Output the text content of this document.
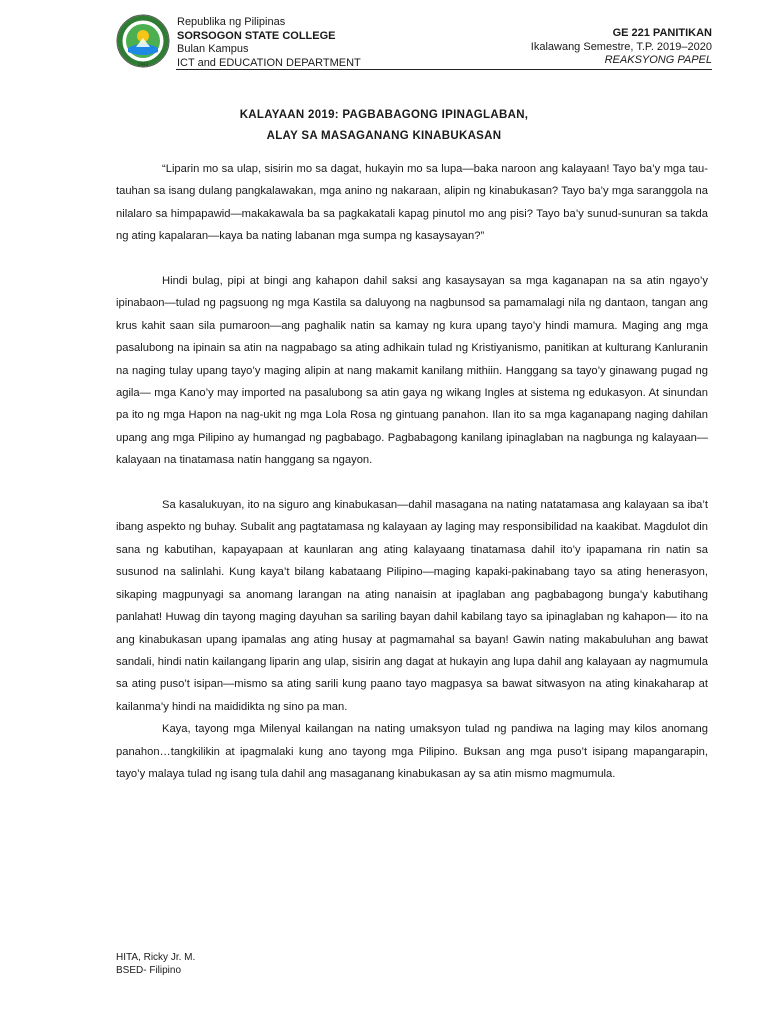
1993
Republika ng Pilipinas
SORSOGON STATE COLLEGE
Bulan Kampus
ICT and EDUCATION DEPARTMENT
GE 221 PANITIKAN
Ikalawang Semestre, T.P. 2019–2020
REAKSYONG PAPEL
KALAYAAN 2019: PAGBABAGONG IPINAGLABAN,
ALAY SA MASAGANANG KINABUKASAN

“Liparin mo sa ulap, sisirin mo sa dagat, hukayin mo sa lupa—baka naroon ang kalayaan! Tayo ba’y mga tau-tauhan sa isang dulang pangkalawakan, mga anino ng nakaraan, alipin ng kinabukasan? Tayo ba’y mga saranggola na nilalaro sa himpapawid—makakawala ba sa pagkakatali kapag pinutol mo ang pisi? Tayo ba’y sunud-sunuran sa takda ng ating kapalaran—kaya ba nating labanan mga sumpa ng kasaysayan?”

Hindi bulag, pipi at bingi ang kahapon dahil saksi ang kasaysayan sa mga kaganapan na sa atin ngayo’y ipinabaon—tulad ng pagsuong ng mga Kastila sa daluyong na nagbunsod sa pamamalagi nila ng dantaon, tangan ang krus kahit saan sila pumaroon—ang paghalik natin sa kamay ng kura upang tayo’y hindi mamura. Maging ang mga pasalubong na ipinain sa atin na nagpabago sa ating adhikain tulad ng Kristiyanismo, panitikan at kulturang Kanluranin na naging tulay upang tayo’y maging alipin at nang makamit kanilang mithiin. Hanggang sa tayo’y ginawang pugad ng agila— mga Kano’y may imported na pasalubong sa atin gaya ng wikang Ingles at sistema ng edukasyon. At sinundan pa ito ng mga Hapon na nag-ukit ng mga Lola Rosa ng gintuang panahon. Ilan ito sa mga kaganapang naging dahilan upang ang mga Pilipino ay humangad ng pagbabago. Pagbabagong kanilang ipinaglaban na nagbunga ng kalayaan—kalayaan na tinatamasa natin hanggang sa ngayon.

Sa kasalukuyan, ito na siguro ang kinabukasan—dahil masagana na nating natatamasa ang kalayaan sa iba’t ibang aspekto ng buhay. Subalit ang pagtatamasa ng kalayaan ay laging may responsibilidad na kaakibat. Magdulot din sana ng kabutihan, kapayapaan at kaunlaran ang ating kalayaang tinatamasa dahil ito’y ipapamana rin natin sa susunod na salinlahi. Kung kaya’t bilang kabataang Pilipino—maging kapaki-pakinabang tayo sa ating henerasyon, sikaping magpunyagi sa anomang larangan na ating nanaisin at ipaglaban ang pagbabagong bunga’y kabutihang panlahat! Huwag din tayong maging dayuhan sa sariling bayan dahil kabilang tayo sa ipinaglaban ng kahapon— ito na ang kinabukasan upang ipamalas ang ating husay at pagmamahal sa bayan! Gawin nating makabuluhan ang bawat sandali, hindi natin kailangang liparin ang ulap, sisirin ang dagat at hukayin ang lupa dahil ang kalayaan ay nagmumula sa ating puso’t isipan—mismo sa ating sarili kung paano tayo magpasya sa bawat sitwasyon na ating kinakaharap at kailanma’y hindi na maididikta ng sino pa man.

Kaya, tayong mga Milenyal kailangan na nating umaksyon tulad ng pandiwa na laging may kilos anomang panahon…tangkilikin at ipagmalaki kung ano tayong mga Pilipino. Buksan ang mga puso’t isipang mapangarapin, tayo’y malaya tulad ng isang tula dahil ang masaganang kinabukasan ay sa atin mismo magmumula.

HITA, Ricky Jr. M.
BSED- Filipino
